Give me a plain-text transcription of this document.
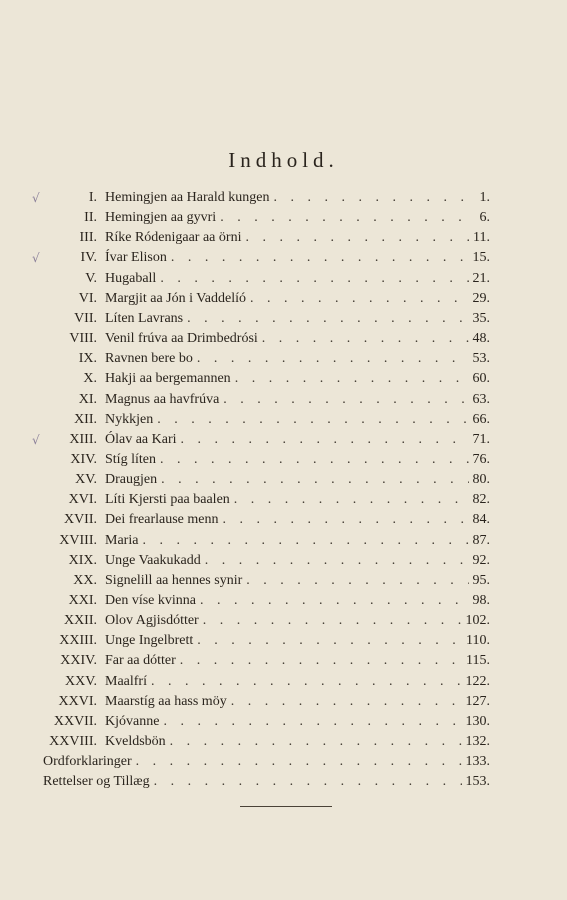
Indhold.
√	I. Hemingjen aa Harald kungen . . .	1.
II. Hemingjen aa gyvri . . .	6.
III. Ríke Ródenigaar aa örni . . .	11.
√	IV. Ívar Elison . . .	15.
V. Hugaball . . .	21.
VI. Margjit aa Jón i Vaddelíó . . .	29.
VII. Líten Lavrans . . .	35.
VIII. Venil frúva aa Drimbedrósi . . .	48.
IX. Ravnen bere bo . . .	53.
X. Hakji aa bergemannen . . .	60.
XI. Magnus aa havfrúva . . .	63.
XII. Nykkjen . . .	66.
√ XIII. Ólav aa Kari . . .	71.
XIV. Stíg líten . . .	76.
XV. Draugjen . . .	80.
XVI. Líti Kjersti paa baalen . . .	82.
XVII. Dei frearlause menn . . .	84.
XVIII. Maria . . .	87.
XIX. Unge Vaakukadd . . .	92.
XX. Signelill aa hennes synir . . .	95.
XXI. Den víse kvinna . . .	98.
XXII. Olov Agjisdótter . . .	102.
XXIII. Unge Ingelbrett . . .	110.
XXIV. Far aa dótter . . .	115.
XXV. Maalfrí . . .	122.
XXVI. Maarstíg aa hass möy . . .	127.
XXVII. Kjóvanne . . .	130.
XXVIII. Kveldsbön . . .	132.
Ordforklaringer . . .	133.
Rettelser og Tillæg . . .	153.
